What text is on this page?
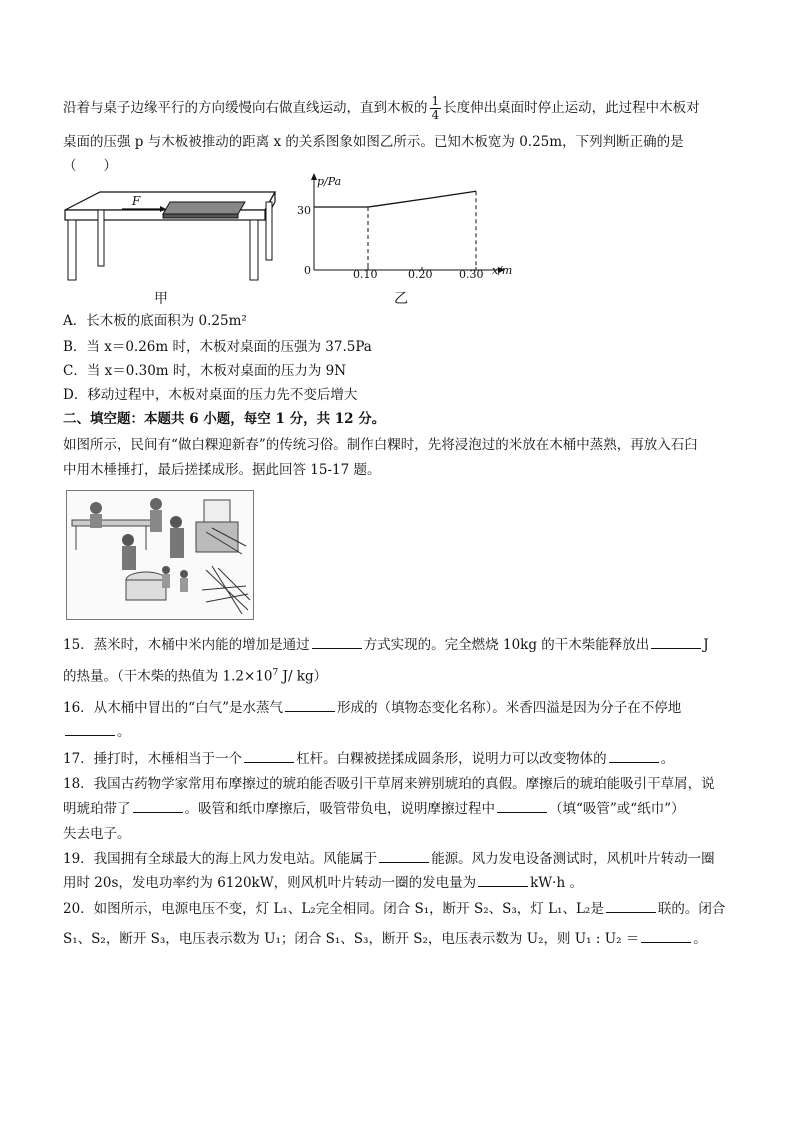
沿着与桌子边缘平行的方向缓慢向右做直线运动，直到木板的 $\frac{1}{4}$ 长度伸出桌面时停止运动，此过程中木板对
桌面的压强 p 与木板被推动的距离 x 的关系图象如图乙所示。已知木板宽为 0.25m，下列判断正确的是
（　　）
F
甲
p/Pa
x/m
30
0	0.10	0.20 0.30
乙
A．长木板的底面积为 0.25m²
B．当 x＝0.26m 时，木板对桌面的压强为 37.5Pa
C．当 x＝0.30m 时，木板对桌面的压力为 9N
D．移动过程中，木板对桌面的压力先不变后增大
二、填空题：本题共 6 小题，每空 1 分，共 12 分。
如图所示，民间有“做白粿迎新春”的传统习俗。制作白粿时，先将浸泡过的米放在木桶中蒸熟，再放入石臼
中用木棰捶打，最后搓揉成形。据此回答 15-17 题。
15．蒸米时，木桶中米内能的增加是通过	方式实现的。完全燃烧 10kg 的干木柴能释放出	J
的热量。（干木柴的热值为 $1.2\times 10^7$ J/ kg）
16．从木桶中冒出的“白气”是水蒸气	形成的（填物态变化名称）。米香四溢是因为分子在不停地
。
17．捶打时，木棰相当于一个	杠杆。白粿被搓揉成圆条形，说明力可以改变物体的	。
18．我国古药物学家常用布摩擦过的琥珀能否吸引干草屑来辨别琥珀的真假。摩擦后的琥珀能吸引干草屑，说
明琥珀带了	。吸管和纸巾摩擦后，吸管带负电，说明摩擦过程中	（填“吸管”或“纸巾”）
失去电子。
19．我国拥有全球最大的海上风力发电站。风能属于	能源。风力发电设备测试时，风机叶片转动一圈
用时 20s，发电功率约为 6120kW，则风机叶片转动一圈的发电量为	kW·h 。
20．如图所示，电源电压不变，灯 L₁、L₂完全相同。闭合 S₁，断开 S₂、S₃，灯 L₁、L₂是	联的。闭合
S₁、S₂，断开 S₃，电压表示数为 U₁；闭合 S₁、S₃，断开 S₂，电压表示数为 U₂，则 U₁ : U₂ ＝	。
